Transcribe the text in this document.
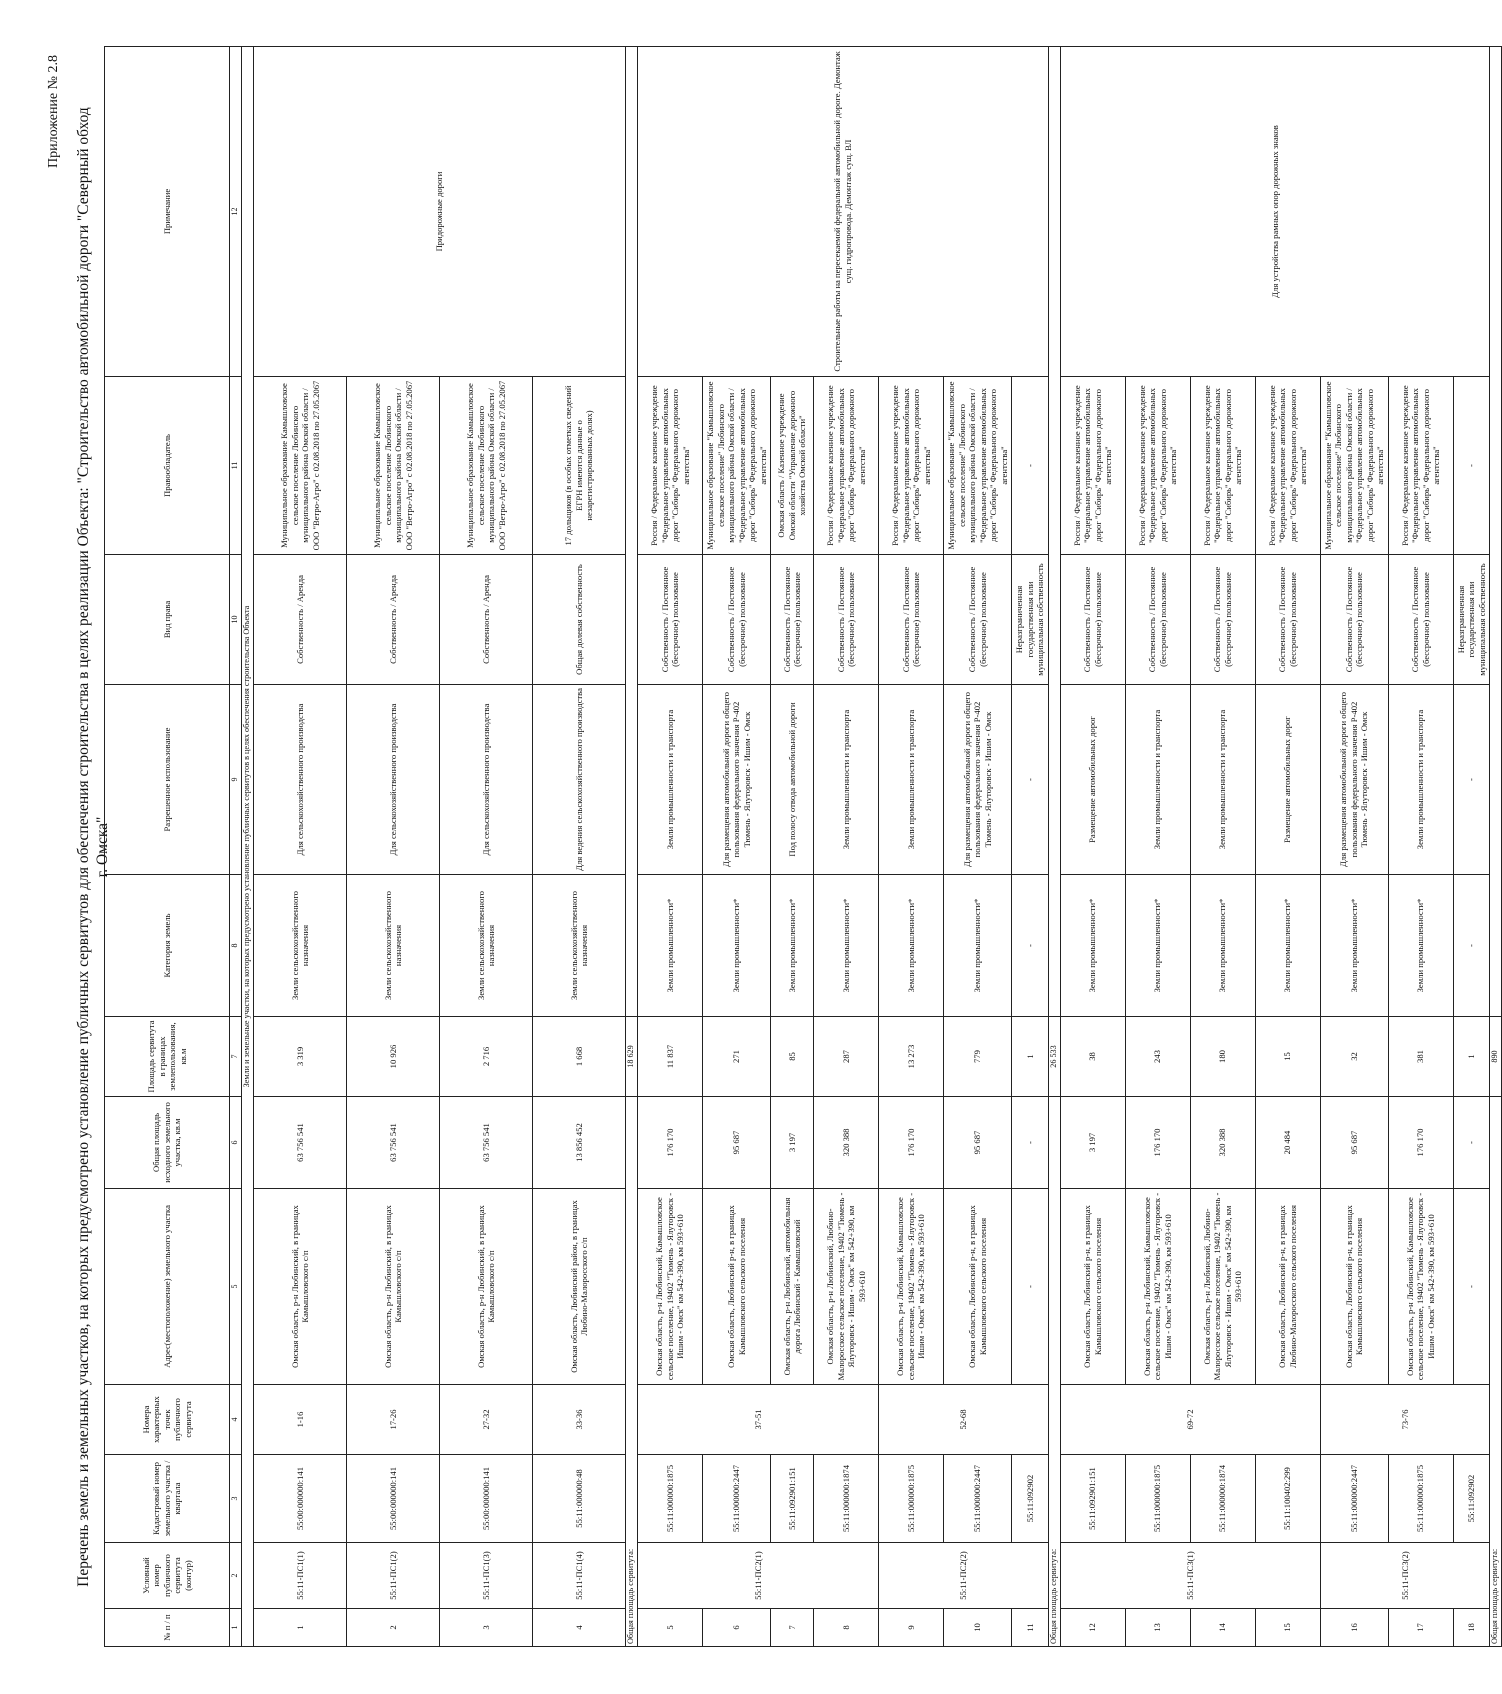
Приложение № 2.8 Перечень земель и земельных участков, на которых предусмотрено установление публичных сервитутов для обеспечения строительства в целях реализации Объекта: "Строительство автомобильной дороги "Северный обход г. Омска"
№ п / п	Условный номер публичного сервитута (контур)	Кадастровый номер земельного участка / квартала	Номера характерных точек публичного сервитута	Адрес(местоположение) земельного участка	Общая площадь исходного земельного участка, кв.м	Площадь сервитута в границах землепользования, кв.м	Категория земель	Разрешенное использование	Вид права	Правообладатель	Примечание
1	2	3	4	5	6	7	8	9	10	11	12
Земли и земельные участки, на которых предусмотрено установление публичных сервитутов в целях обеспечения строительства Объекта											
1	55:11-ПС1(1)	55:00:000000:141	1-16	Омская область, р-н Любинский, в границах Камышловского с/п	63 756 541	3 319	Земли сельскохозяйственного назначения	Для сельскохозяйственного производства	Собственность / Аренда	Муниципальное образование Камышловское сельское поселение Любинского муниципального района Омской области / ООО "Ветро-Агро" с 02.08.2018 по 27.05.2067	Придорожные дороги
2	55:11-ПС1(2)	55:00:000000:141	17-26	Омская область, р-н Любинский, в границах Камышловского с/п	63 756 541	10 926	Земли сельскохозяйственного назначения	Для сельскохозяйственного производства	Собственность / Аренда	Муниципальное образование Камышловское сельское поселение Любинского муниципального района Омской области / ООО "Ветро-Агро" с 02.08.2018 по 27.05.2067	
3	55:11-ПС1(3)	55:00:000000:141	27-32	Омская область, р-н Любинский, в границах Камышловского с/п	63 756 541	2 716	Земли сельскохозяйственного назначения	Для сельскохозяйственного производства	Собственность / Аренда	Муниципальное образование Камышловское сельское поселение Любинского муниципального района Омской области / ООО "Ветро-Агро" с 02.08.2018 по 27.05.2067	
4	55:11-ПС1(4)	55:11:000000:48	33-36	Омская область, Любинский район, в границах Любино-Малоросского с/п	13 856 452	1 668	Земли сельскохозяйственного назначения	Для ведения сельскохозяйственного производства	Общая долевая собственность	17 дольщиков (в особых отметках сведений ЕГРН имеются данные о незарегистрированных долях)	
Общая площадь сервитута:						18 629					
5	55:11-ПС2(1)	55:11:000000:1875	37-51	Омская область, р-н Любинский, Камышловское сельское поселение, 19402 "Тюмень - Ялуторовск - Ишим - Омск" км 542+390, км 593+610	176 170	11 837	Земли промышленности*	Земли промышленности и транспорта	Собственность / Постоянное (бессрочное) пользование	Россия / Федеральное казенное учреждение "Федеральное управление автомобильных дорог "Сибирь" Федерального дорожного агентства"	Строительные работы на пересекаемой федеральной автомобильной дороге. Демонтаж сущ. гидропровода. Демонтаж сущ. ВЛ
6		55:11:000000:2447		Омская область, Любинский р-н, в границах Камышловского сельского поселения	95 687	271	Земли промышленности*	Для размещения автомобильной дороги общего пользования федерального значения Р-402 Тюмень - Ялуторовск - Ишим - Омск	Собственность / Постоянное (бессрочное) пользование	Муниципальное образование "Камышловское сельское поселение" Любинского муниципального района Омской области / "Федеральное управление автомобильных дорог "Сибирь" Федерального дорожного агентства"	
7		55:11:092901:151		Омская область, р-н Любинский, автомобильная дорога Любинский - Камышловский	3 197	85	Земли промышленности*	Под полосу отвода автомобильной дороги	Собственность / Постоянное (бессрочное) пользование	Омская область / Казенное учреждение Омской области "Управление дорожного хозяйства Омской области"	
8		55:11:000000:1874		Омская область, р-н Любинский, Любино-Малоросское сельское поселение, 19402 "Тюмень - Ялуторовск - Ишим - Омск" км 542+390, км 593+610	320 388	287	Земли промышленности*	Земли промышленности и транспорта	Собственность / Постоянное (бессрочное) пользование	Россия / Федеральное казенное учреждение "Федеральное управление автомобильных дорог "Сибирь" Федерального дорожного агентства"	
9	55:11-ПС2(2)	55:11:000000:1875	52-68	Омская область, р-н Любинский, Камышловское сельское поселение, 19402 "Тюмень - Ялуторовск - Ишим - Омск" км 542+390, км 593+610	176 170	13 273	Земли промышленности*	Земли промышленности и транспорта	Собственность / Постоянное (бессрочное) пользование	Россия / Федеральное казенное учреждение "Федеральное управление автомобильных дорог "Сибирь" Федерального дорожного агентства"	
10		55:11:000000:2447		Омская область, Любинский р-н, в границах Камышловского сельского поселения	95 687	779	Земли промышленности*	Для размещения автомобильной дороги общего пользования федерального значения Р-402 Тюмень - Ялуторовск - Ишим - Омск	Собственность / Постоянное (бессрочное) пользование	Муниципальное образование "Камышловское сельское поселение" Любинского муниципального района Омской области / "Федеральное управление автомобильных дорог "Сибирь" Федерального дорожного агентства"	
11		55:11:092902		-	-	1	-	-	Неразграниченная государственная или муниципальная собственность	-	
Общая площадь сервитута:						26 533					
12	55:11-ПС3(1)	55:11:092901:151	69-72	Омская область, Любинский р-н, в границах Камышловского сельского поселения	3 197	38	Земли промышленности*	Размещение автомобильных дорог	Собственность / Постоянное (бессрочное) пользование	Россия / Федеральное казенное учреждение "Федеральное управление автомобильных дорог "Сибирь" Федерального дорожного агентства"	Для устройства рамных опор дорожных знаков
13		55:11:000000:1875		Омская область, р-н Любинский, Камышловское сельское поселение, 19402 "Тюмень - Ялуторовск - Ишим - Омск" км 542+390, км 593+610	176 170	243	Земли промышленности*	Земли промышленности и транспорта	Собственность / Постоянное (бессрочное) пользование	Россия / Федеральное казенное учреждение "Федеральное управление автомобильных дорог "Сибирь" Федерального дорожного агентства"	
14		55:11:000000:1874		Омская область, р-н Любинский, Любино-Малоросское сельское поселение, 19402 "Тюмень - Ялуторовск - Ишим - Омск" км 542+390, км 593+610	320 388	180	Земли промышленности*	Земли промышленности и транспорта	Собственность / Постоянное (бессрочное) пользование	Россия / Федеральное казенное учреждение "Федеральное управление автомобильных дорог "Сибирь" Федерального дорожного агентства"	
15		55:11:100402:299		Омская область, Любинский р-н, в границах Любино-Малоросского сельского поселения	20 484	15	Земли промышленности*	Размещение автомобильных дорог	Собственность / Постоянное (бессрочное) пользование	Россия / Федеральное казенное учреждение "Федеральное управление автомобильных дорог "Сибирь" Федерального дорожного агентства"	
16	55:11-ПС3(2)	55:11:000000:2447	73-76	Омская область, Любинский р-н, в границах Камышловского сельского поселения	95 687	32	Земли промышленности*	Для размещения автомобильной дороги общего пользования федерального значения Р-402 Тюмень - Ялуторовск - Ишим - Омск	Собственность / Постоянное (бессрочное) пользование	Муниципальное образование "Камышловское сельское поселение" Любинского муниципального района Омской области / "Федеральное управление автомобильных дорог "Сибирь" Федерального дорожного агентства"	
17		55:11:000000:1875		Омская область, р-н Любинский, Камышловское сельское поселение, 19402 "Тюмень - Ялуторовск - Ишим - Омск" км 542+390, км 593+610	176 170	381	Земли промышленности*	Земли промышленности и транспорта	Собственность / Постоянное (бессрочное) пользование	Россия / Федеральное казенное учреждение "Федеральное управление автомобильных дорог "Сибирь" Федерального дорожного агентства"	
18		55:11:092902		-	-	1	-	-	Неразграниченная государственная или муниципальная собственность	-	
Общая площадь сервитута:						890					
